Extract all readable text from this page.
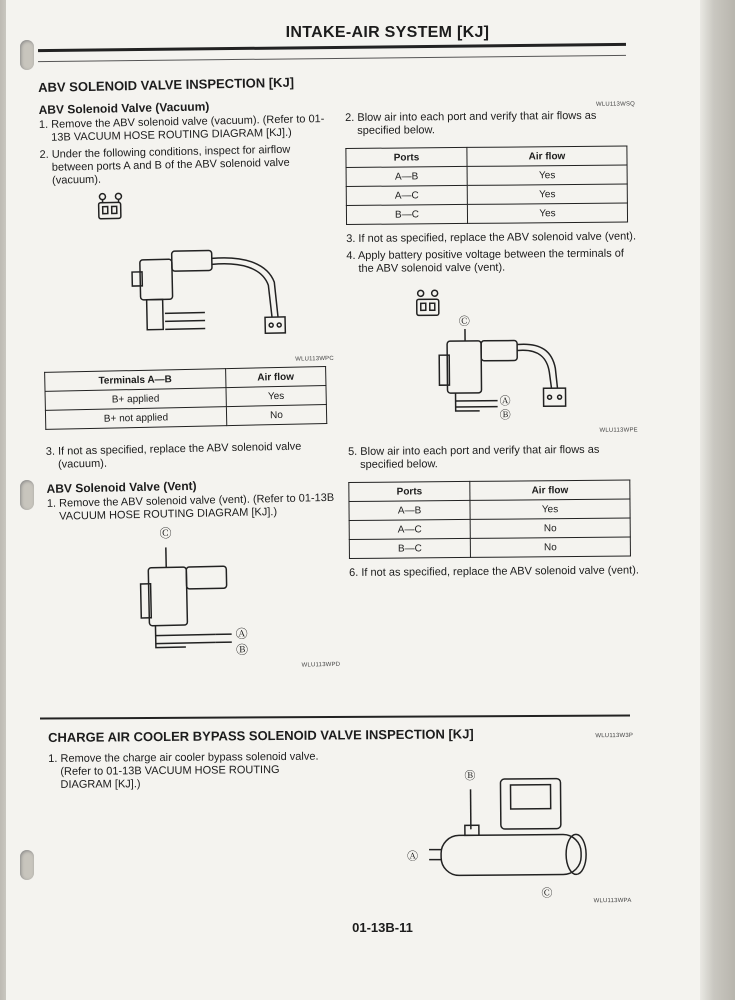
INTAKE-AIR SYSTEM [KJ]
ABV SOLENOID VALVE INSPECTION [KJ]
ABV Solenoid Valve (Vacuum)

1. Remove the ABV solenoid valve (vacuum). (Refer to 01-13B VACUUM HOSE ROUTING DIAGRAM [KJ].)

2. Under the following conditions, inspect for airflow between ports A and B of the ABV solenoid valve (vacuum).

WLU113WPC
Terminals A—B	Air flow
B+ applied	Yes
B+ not applied	No

3. If not as specified, replace the ABV solenoid valve (vacuum).

ABV Solenoid Valve (Vent)

1. Remove the ABV solenoid valve (vent). (Refer to 01-13B VACUUM HOSE ROUTING DIAGRAM [KJ].)

Ⓒ
Ⓐ
Ⓑ
WLU113WPD
WLU113WSQ

2. Blow air into each port and verify that air flows as specified below.

Ports	Air flow
A—B	Yes
A—C	Yes
B—C	Yes

3. If not as specified, replace the ABV solenoid valve (vent).

4. Apply battery positive voltage between the terminals of the ABV solenoid valve (vent).

Ⓒ
Ⓐ
Ⓑ
WLU113WPE

5. Blow air into each port and verify that air flows as specified below.

Ports	Air flow
A—B	Yes
A—C	No
B—C	No

6. If not as specified, replace the ABV solenoid valve (vent).

CHARGE AIR COOLER BYPASS SOLENOID VALVE INSPECTION [KJ]	WLU113W3P

1. Remove the charge air cooler bypass solenoid valve. (Refer to 01-13B VACUUM HOSE ROUTING DIAGRAM [KJ].)

Ⓑ
Ⓐ
Ⓒ
WLU113WPA
01-13B-11
